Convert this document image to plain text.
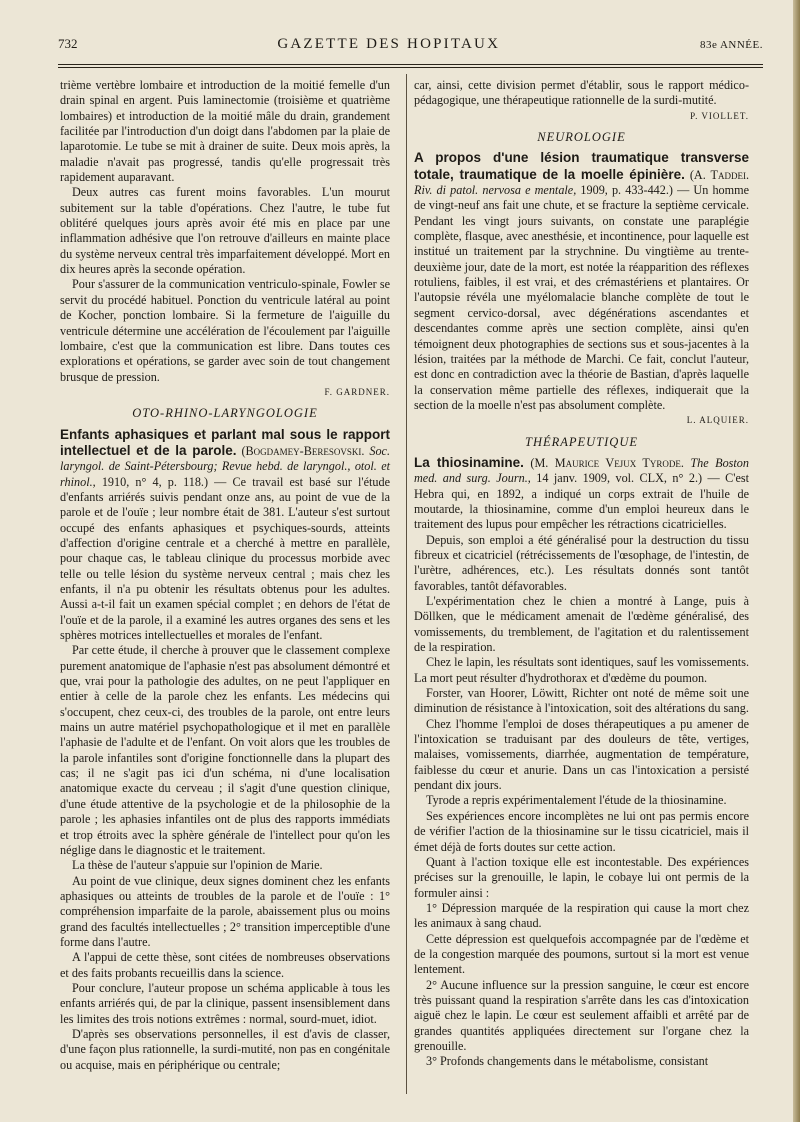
732	GAZETTE DES HOPITAUX	83e ANNÉE.

trième vertèbre lombaire et introduction de la moitié femelle d'un drain spinal en argent. Puis laminectomie (troisième et quatrième lombaires) et introduction de la moitié mâle du drain, grandement facilitée par l'introduction d'un doigt dans l'abdomen par la plaie de laparotomie. Le tube se mit à drainer de suite. Deux mois après, la maladie n'avait pas progressé, tandis qu'elle progressait très rapidement auparavant.

Deux autres cas furent moins favorables. L'un mourut subitement sur la table d'opérations. Chez l'autre, le tube fut oblitéré quelques jours après avoir été mis en place par une inflammation adhésive que l'on retrouve d'ailleurs en mainte place du système nerveux central très imparfaitement développé. Mort en dix heures après la seconde opération.

Pour s'assurer de la communication ventriculo-spinale, Fowler se servit du procédé habituel. Ponction du ventricule latéral au point de Kocher, ponction lombaire. Si la fermeture de l'aiguille du ventricule détermine une accélération de l'écoulement par l'aiguille lombaire, c'est que la communication est libre. Dans toutes ces explorations et opérations, se garder avec soin de tout changement brusque de pression.

F. GARDNER.
OTO-RHINO-LARYNGOLOGIE

Enfants aphasiques et parlant mal sous le rapport intellectuel et de la parole. (Bogdamey-Beresovski. Soc. laryngol. de Saint-Pétersbourg; Revue hebd. de laryngol., otol. et rhinol., 1910, n° 4, p. 118.) — Ce travail est basé sur l'étude d'enfants arriérés suivis pendant onze ans, au point de vue de la parole et de l'ouïe ; leur nombre était de 381. L'auteur s'est surtout occupé des enfants aphasiques et psychiques-sourds, atteints d'affection d'origine centrale et a cherché à mettre en parallèle, pour chaque cas, le tableau clinique du processus morbide avec telle ou telle lésion du système nerveux central ; mais chez les enfants, il n'a pu obtenir les résultats obtenus pour les adultes. Aussi a-t-il fait un examen spécial complet ; en dehors de l'état de l'ouïe et de la parole, il a examiné les autres organes des sens et les sphères motrices intellectuelles et morales de l'enfant.

Par cette étude, il cherche à prouver que le classement complexe purement anatomique de l'aphasie n'est pas absolument démontré et que, vrai pour la pathologie des adultes, on ne peut l'appliquer en entier à celle de la parole chez les enfants. Les médecins qui s'occupent, chez ceux-ci, des troubles de la parole, ont entre leurs mains un autre matériel psychopathologique et il met en parallèle l'aphasie de l'adulte et de l'enfant. On voit alors que les troubles de la parole infantiles sont d'origine fonctionnelle dans la plupart des cas; il ne s'agit pas ici d'un schéma, ni d'une localisation anatomique exacte du cerveau ; il s'agit d'une question clinique, d'une étude attentive de la psychologie et de la philosophie de la parole ; les aphasies infantiles ont de plus des rapports immédiats et trop étroits avec la sphère générale de l'intellect pour qu'on les néglige dans le diagnostic et le traitement.

La thèse de l'auteur s'appuie sur l'opinion de Marie.

Au point de vue clinique, deux signes dominent chez les enfants aphasiques ou atteints de troubles de la parole et de l'ouïe : 1° compréhension imparfaite de la parole, abaissement plus ou moins grand des facultés intellectuelles ; 2° transition imperceptible d'une forme dans l'autre.

A l'appui de cette thèse, sont citées de nombreuses observations et des faits probants recueillis dans la science.

Pour conclure, l'auteur propose un schéma applicable à tous les enfants arriérés qui, de par la clinique, passent insensiblement dans les limites des trois notions extrêmes : normal, sourd-muet, idiot.

D'après ses observations personnelles, il est d'avis de classer, d'une façon plus rationnelle, la surdi-mutité, non pas en congénitale ou acquise, mais en périphérique ou centrale;

car, ainsi, cette division permet d'établir, sous le rapport médico-pédagogique, une thérapeutique rationnelle de la surdi-mutité.

P. VIOLLET.
NEUROLOGIE

A propos d'une lésion traumatique transverse totale, traumatique de la moelle épinière. (A. Taddei. Riv. di patol. nervosa e mentale, 1909, p. 433-442.) — Un homme de vingt-neuf ans fait une chute, et se fracture la septième cervicale. Pendant les vingt jours suivants, on constate une paraplégie complète, flasque, avec anesthésie, et incontinence, pour laquelle est institué un traitement par la strychnine. Du vingtième au trente-deuxième jour, date de la mort, est notée la réapparition des réflexes rotuliens, faibles, il est vrai, et des crémastériens et plantaires. Or l'autopsie révéla une myélomalacie blanche complète de tout le segment cervico-dorsal, avec dégénérations ascendantes et descendantes comme après une section complète, ainsi qu'en témoignent deux photographies de sections sus et sous-jacentes à la lésion, traitées par la méthode de Marchi. Ce fait, conclut l'auteur, est donc en contradiction avec la théorie de Bastian, d'après laquelle la conservation même partielle des réflexes, indiquerait que la section de la moelle n'est pas absolument complète.

L. ALQUIER.
THÉRAPEUTIQUE

La thiosinamine. (M. Maurice Vejux Tyrode. The Boston med. and surg. Journ., 14 janv. 1909, vol. CLX, n° 2.) — C'est Hebra qui, en 1892, a indiqué un corps extrait de l'huile de moutarde, la thiosinamine, comme d'un emploi heureux dans le traitement des lupus pour empêcher les rétractions cicatricielles.

Depuis, son emploi a été généralisé pour la destruction du tissu fibreux et cicatriciel (rétrécissements de l'œsophage, de l'intestin, de l'urètre, adhérences, etc.). Les résultats donnés sont tantôt favorables, tantôt défavorables.

L'expérimentation chez le chien a montré à Lange, puis à Döllken, que le médicament amenait de l'œdème généralisé, des vomissements, du tremblement, de l'agitation et du ralentissement de la respiration.

Chez le lapin, les résultats sont identiques, sauf les vomissements. La mort peut résulter d'hydrothorax et d'œdème du poumon.

Forster, van Hoorer, Löwitt, Richter ont noté de même soit une diminution de résistance à l'intoxication, soit des altérations du sang.

Chez l'homme l'emploi de doses thérapeutiques a pu amener de l'intoxication se traduisant par des douleurs de tête, vertiges, malaises, vomissements, diarrhée, augmentation de température, faiblesse du cœur et anurie. Dans un cas l'intoxication a persisté pendant dix jours.

Tyrode a repris expérimentalement l'étude de la thiosinamine.

Ses expériences encore incomplètes ne lui ont pas permis encore de vérifier l'action de la thiosinamine sur le tissu cicatriciel, mais il émet déjà de forts doutes sur cette action.

Quant à l'action toxique elle est incontestable. Des expériences précises sur la grenouille, le lapin, le cobaye lui ont permis de la formuler ainsi :

1° Dépression marquée de la respiration qui cause la mort chez les animaux à sang chaud.

Cette dépression est quelquefois accompagnée par de l'œdème et de la congestion marquée des poumons, surtout si la mort est venue lentement.

2° Aucune influence sur la pression sanguine, le cœur est encore très puissant quand la respiration s'arrête dans les cas d'intoxication aiguë chez le lapin. Le cœur est seulement affaibli et arrêté par de grandes quantités appliquées directement sur l'organe chez la grenouille.

3° Profonds changements dans le métabolisme, consistant
